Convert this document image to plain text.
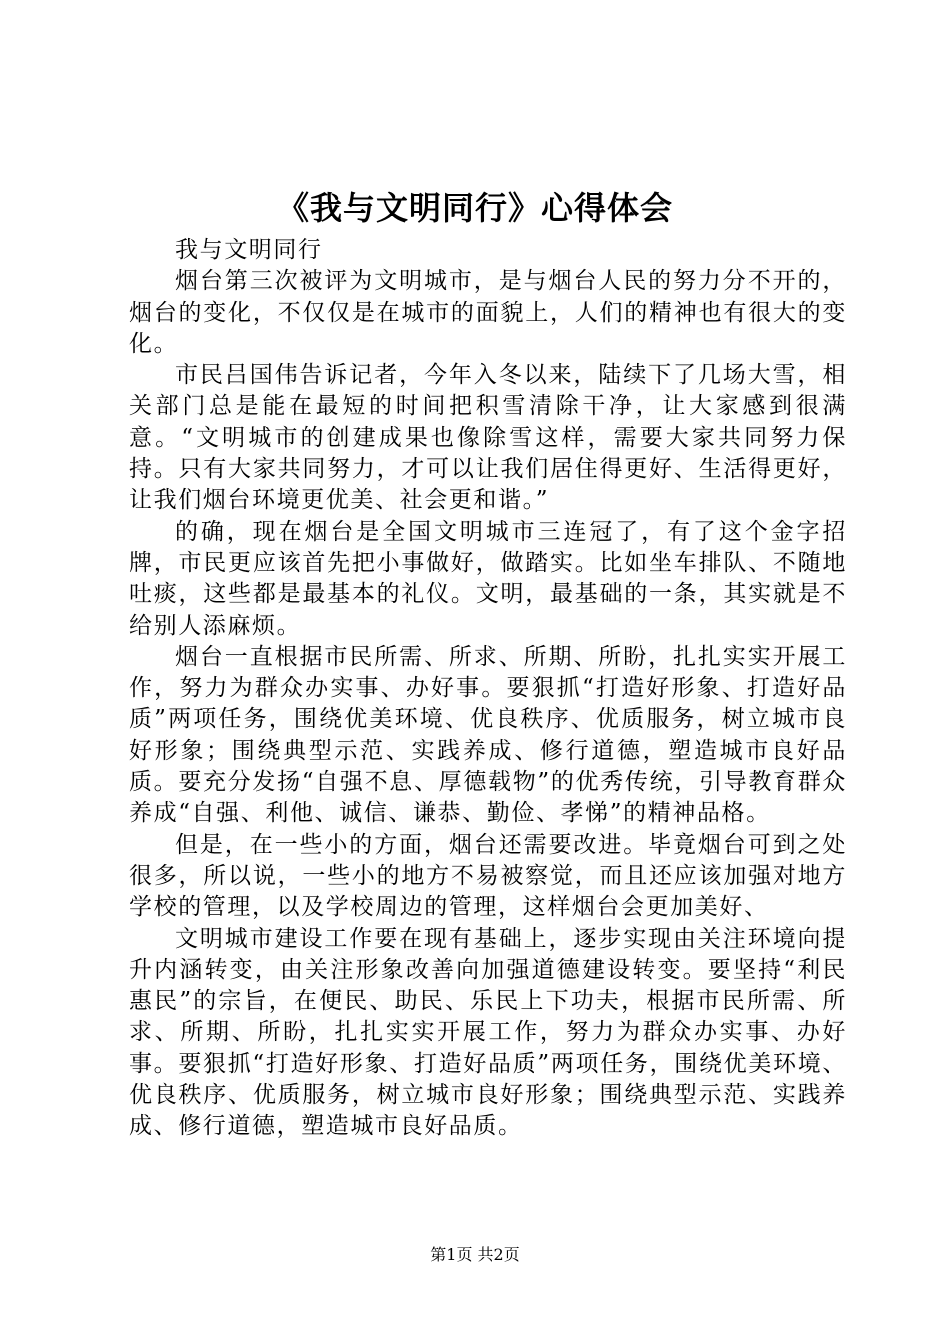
《我与文明同行》心得体会

我与文明同行

烟台第三次被评为文明城市，是与烟台人民的努力分不开的，烟台的变化，不仅仅是在城市的面貌上，人们的精神也有很大的变化。

市民吕国伟告诉记者，今年入冬以来，陆续下了几场大雪，相关部门总是能在最短的时间把积雪清除干净，让大家感到很满意。“文明城市的创建成果也像除雪这样，需要大家共同努力保持。只有大家共同努力，才可以让我们居住得更好、生活得更好，让我们烟台环境更优美、社会更和谐。”

的确，现在烟台是全国文明城市三连冠了，有了这个金字招牌，市民更应该首先把小事做好，做踏实。比如坐车排队、不随地吐痰，这些都是最基本的礼仪。文明，最基础的一条，其实就是不给别人添麻烦。

烟台一直根据市民所需、所求、所期、所盼，扎扎实实开展工作，努力为群众办实事、办好事。要狠抓“打造好形象、打造好品质”两项任务，围绕优美环境、优良秩序、优质服务，树立城市良好形象；围绕典型示范、实践养成、修行道德，塑造城市良好品质。要充分发扬“自强不息、厚德载物”的优秀传统，引导教育群众养成“自强、利他、诚信、谦恭、勤俭、孝悌”的精神品格。

但是，在一些小的方面，烟台还需要改进。毕竟烟台可到之处很多，所以说，一些小的地方不易被察觉，而且还应该加强对地方学校的管理，以及学校周边的管理，这样烟台会更加美好、

文明城市建设工作要在现有基础上，逐步实现由关注环境向提升内涵转变，由关注形象改善向加强道德建设转变。要坚持“利民惠民”的宗旨，在便民、助民、乐民上下功夫，根据市民所需、所求、所期、所盼，扎扎实实开展工作，努力为群众办实事、办好事。要狠抓“打造好形象、打造好品质”两项任务，围绕优美环境、优良秩序、优质服务，树立城市良好形象；围绕典型示范、实践养成、修行道德，塑造城市良好品质。

第1页 共2页
